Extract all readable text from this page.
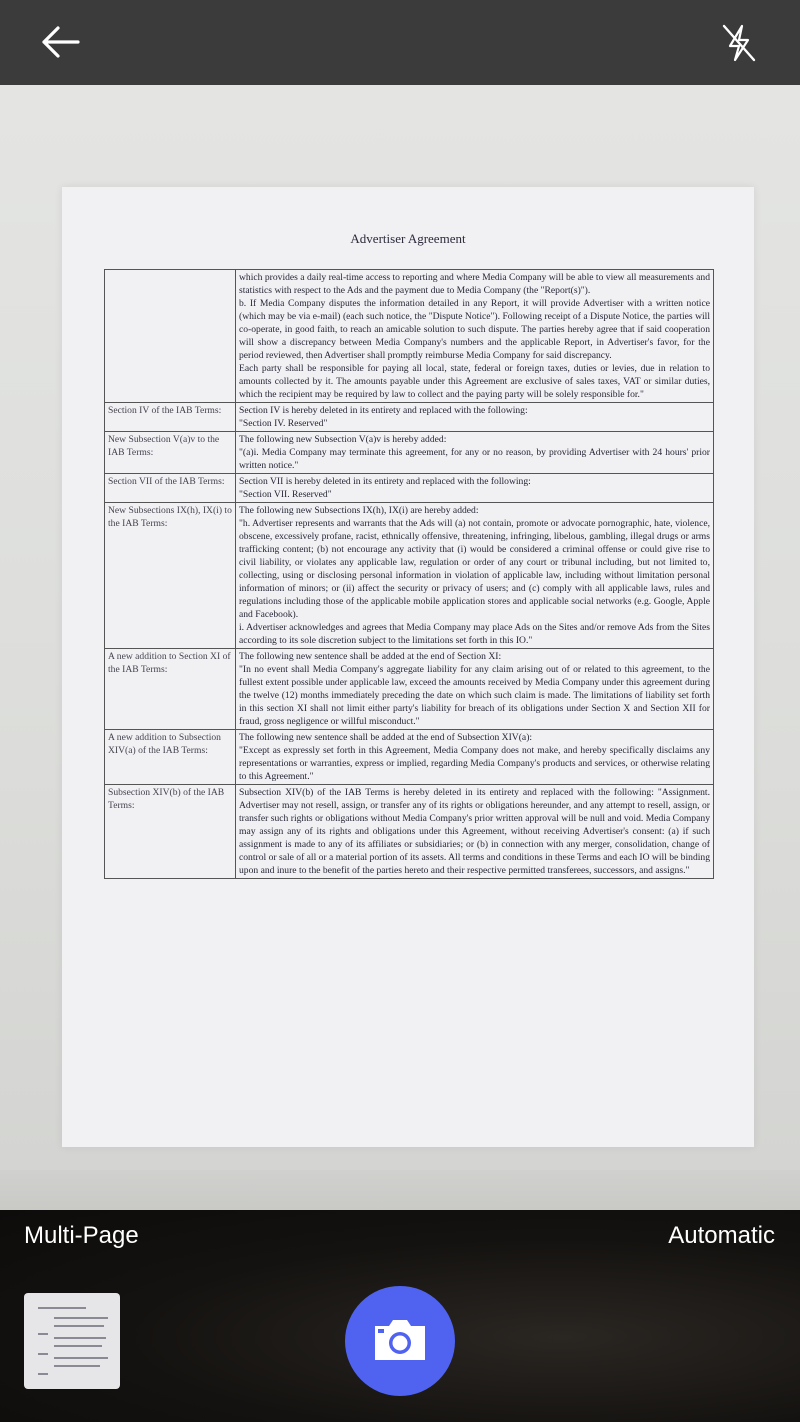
Advertiser Agreement

	which provides a daily real-time access to reporting and where Media Company will be able to view all measurements and statistics with respect to the Ads and the payment due to Media Company (the "Report(s)").
b. If Media Company disputes the information detailed in any Report, it will provide Advertiser with a written notice (which may be via e-mail) (each such notice, the "Dispute Notice"). Following receipt of a Dispute Notice, the parties will co-operate, in good faith, to reach an amicable solution to such dispute. The parties hereby agree that if said cooperation will show a discrepancy between Media Company's numbers and the applicable Report, in Advertiser's favor, for the period reviewed, then Advertiser shall promptly reimburse Media Company for said discrepancy.
Each party shall be responsible for paying all local, state, federal or foreign taxes, duties or levies, due in relation to amounts collected by it. The amounts payable under this Agreement are exclusive of sales taxes, VAT or similar duties, which the recipient may be required by law to collect and the paying party will be solely responsible for."

Section IV of the IAB Terms:	Section IV is hereby deleted in its entirety and replaced with the following:
"Section IV. Reserved"

New Subsection V(a)v to the IAB Terms:	The following new Subsection V(a)v is hereby added:
"(a)i. Media Company may terminate this agreement, for any or no reason, by providing Advertiser with 24 hours' prior written notice."

Section VII of the IAB Terms:	Section VII is hereby deleted in its entirety and replaced with the following:
"Section VII. Reserved"

New Subsections IX(h), IX(i) to the IAB Terms:	The following new Subsections IX(h), IX(i) are hereby added:
"h. Advertiser represents and warrants that the Ads will (a) not contain, promote or advocate pornographic, hate, violence, obscene, excessively profane, racist, ethnically offensive, threatening, infringing, libelous, gambling, illegal drugs or arms trafficking content; (b) not encourage any activity that (i) would be considered a criminal offense or could give rise to civil liability, or violates any applicable law, regulation or order of any court or tribunal including, but not limited to, collecting, using or disclosing personal information in violation of applicable law, including without limitation personal information of minors; or (ii) affect the security or privacy of users; and (c) comply with all applicable laws, rules and regulations including those of the applicable mobile application stores and applicable social networks (e.g. Google, Apple and Facebook).
i. Advertiser acknowledges and agrees that Media Company may place Ads on the Sites and/or remove Ads from the Sites according to its sole discretion subject to the limitations set forth in this IO."

A new addition to Section XI of the IAB Terms:	The following new sentence shall be added at the end of Section XI:
"In no event shall Media Company's aggregate liability for any claim arising out of or related to this agreement, to the fullest extent possible under applicable law, exceed the amounts received by Media Company under this agreement during the twelve (12) months immediately preceding the date on which such claim is made. The limitations of liability set forth in this section XI shall not limit either party's liability for breach of its obligations under Section X and Section XII for fraud, gross negligence or willful misconduct."

A new addition to Subsection XIV(a) of the IAB Terms:	The following new sentence shall be added at the end of Subsection XIV(a):
"Except as expressly set forth in this Agreement, Media Company does not make, and hereby specifically disclaims any representations or warranties, express or implied, regarding Media Company's products and services, or otherwise relating to this Agreement."

Subsection XIV(b) of the IAB Terms:	Subsection XIV(b) of the IAB Terms is hereby deleted in its entirety and replaced with the following: "Assignment. Advertiser may not resell, assign, or transfer any of its rights or obligations hereunder, and any attempt to resell, assign, or transfer such rights or obligations without Media Company's prior written approval will be null and void. Media Company may assign any of its rights and obligations under this Agreement, without receiving Advertiser's consent: (a) if such assignment is made to any of its affiliates or subsidiaries; or (b) in connection with any merger, consolidation, change of control or sale of all or a material portion of its assets. All terms and conditions in these Terms and each IO will be binding upon and inure to the benefit of the parties hereto and their respective permitted transferees, successors, and assigns."
Multi-Page	Automatic
